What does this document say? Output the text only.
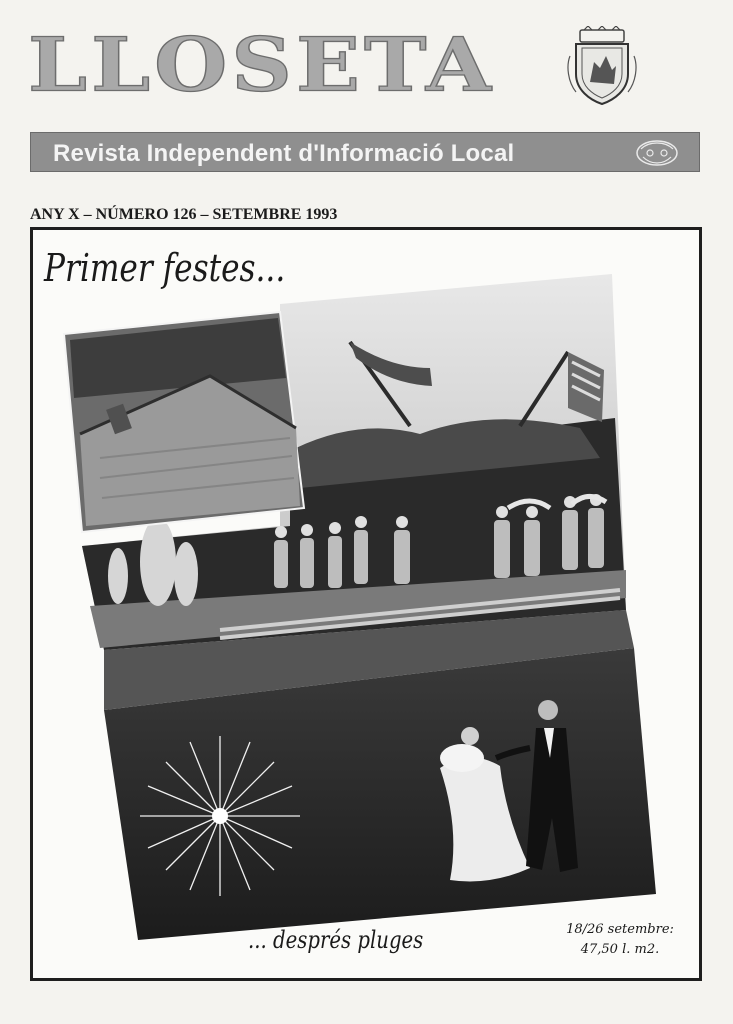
LLOSETA
Revista Independent d'Informació Local
ANY X – NÚMERO 126 – SETEMBRE 1993
Primer festes...
... després pluges	18/26 setembre:
47,50 l. m2.
